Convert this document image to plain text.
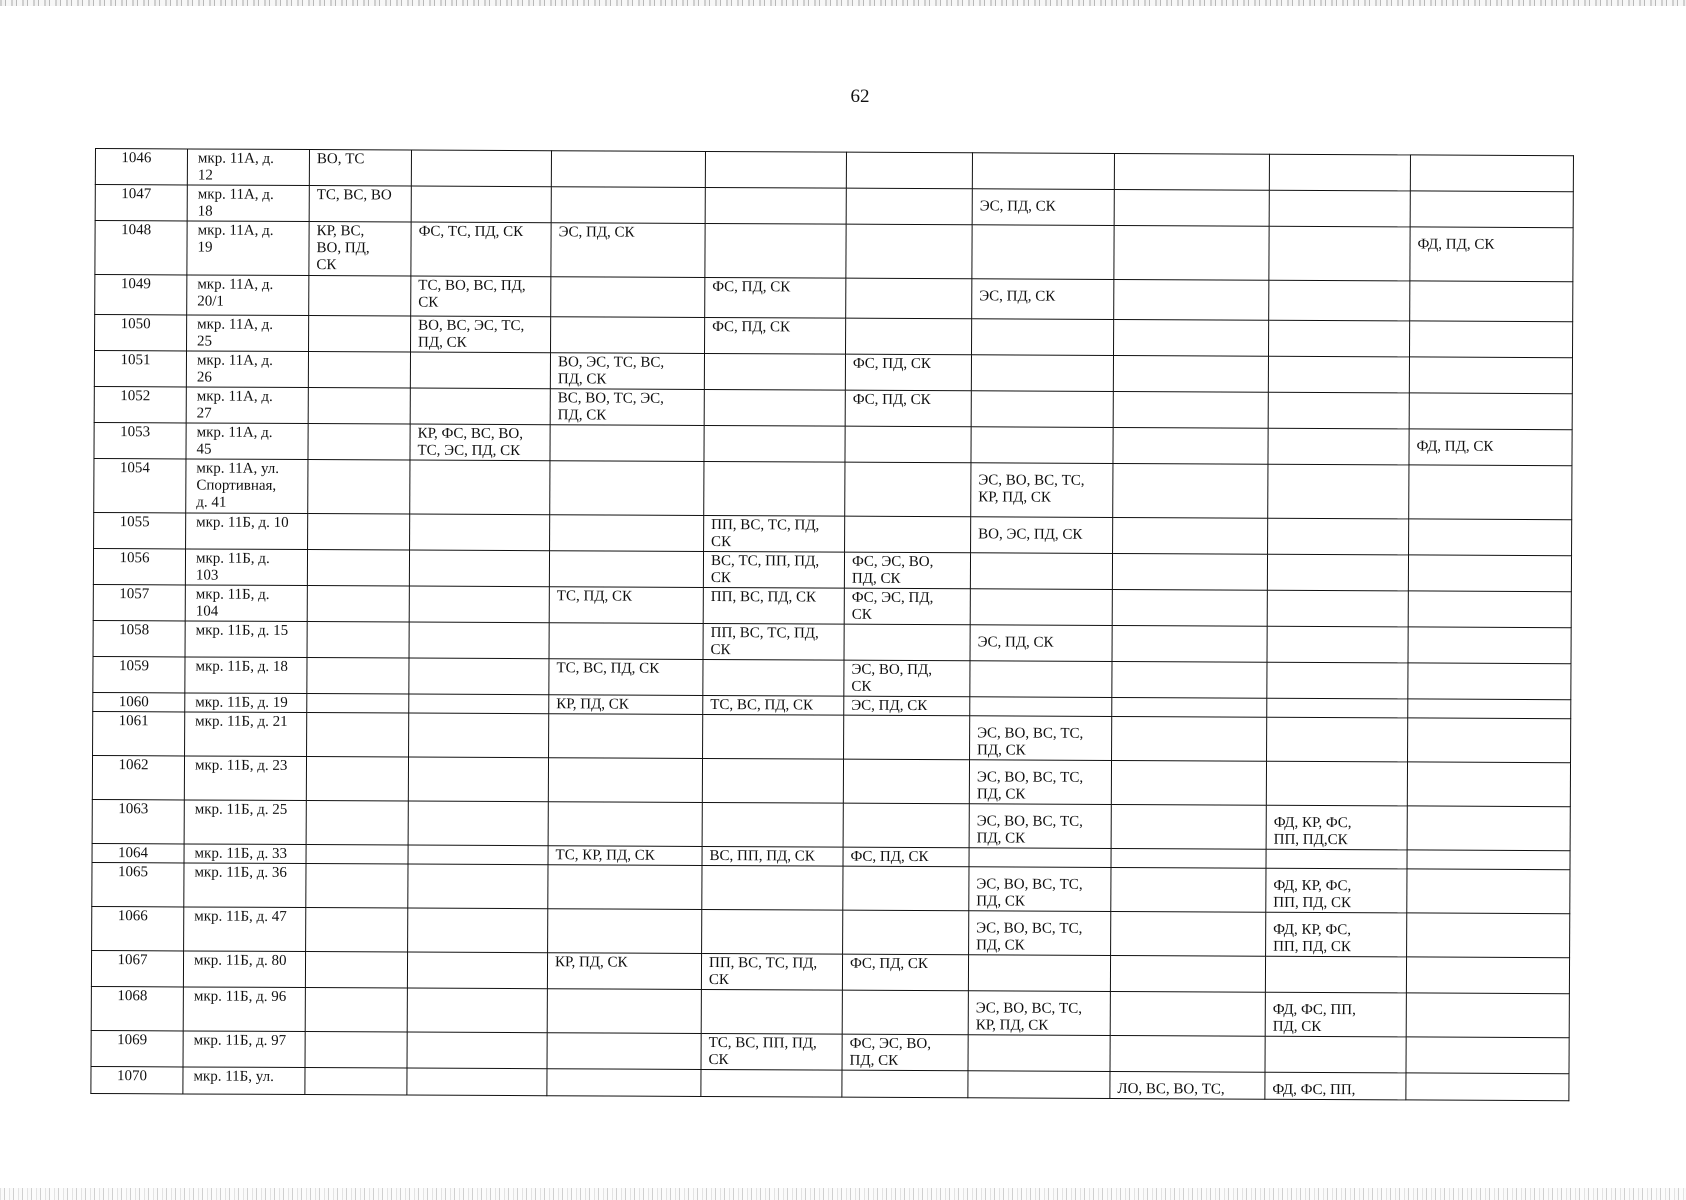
62
1046	мкр. 11А, д.
12	ВО, ТС								
1047	мкр. 11А, д.
18	ТС, ВС, ВО					ЭС, ПД, СК			
1048	мкр. 11А, д.
19	КР, ВС,
ВО, ПД,
СК	ФС, ТС, ПД, СК	ЭС, ПД, СК						ФД, ПД, СК
1049	мкр. 11А, д.
20/1		ТС, ВО, ВС, ПД,
СК		ФС, ПД, СК		ЭС, ПД, СК			
1050	мкр. 11А, д.
25		ВО, ВС, ЭС, ТС,
ПД, СК		ФС, ПД, СК					
1051	мкр. 11А, д.
26			ВО, ЭС, ТС, ВС,
ПД, СК		ФС, ПД, СК				
1052	мкр. 11А, д.
27			ВС, ВО, ТС, ЭС,
ПД, СК		ФС, ПД, СК				
1053	мкр. 11А, д.
45		КР, ФС, ВС, ВО,
ТС, ЭС, ПД, СК							ФД, ПД, СК
1054	мкр. 11А, ул.
Спортивная,
д. 41						ЭС, ВО, ВС, ТС,
КР, ПД, СК			
1055	мкр. 11Б, д. 10				ПП, ВС, ТС, ПД,
СК		ВО, ЭС, ПД, СК			
1056	мкр. 11Б, д.
103				ВС, ТС, ПП, ПД,
СК	ФС, ЭС, ВО,
ПД, СК				
1057	мкр. 11Б, д.
104			ТС, ПД, СК	ПП, ВС, ПД, СК	ФС, ЭС, ПД,
СК				
1058	мкр. 11Б, д. 15				ПП, ВС, ТС, ПД,
СК		ЭС, ПД, СК			
1059	мкр. 11Б, д. 18			ТС, ВС, ПД, СК		ЭС, ВО, ПД,
СК				
1060	мкр. 11Б, д. 19			КР, ПД, СК	ТС, ВС, ПД, СК	ЭС, ПД, СК				
1061	мкр. 11Б, д. 21						ЭС, ВО, ВС, ТС,
ПД, СК			
1062	мкр. 11Б, д. 23						ЭС, ВО, ВС, ТС,
ПД, СК			
1063	мкр. 11Б, д. 25						ЭС, ВО, ВС, ТС,
ПД, СК		ФД, КР, ФС,
ПП, ПД,СК	
1064	мкр. 11Б, д. 33			ТС, КР, ПД, СК	ВС, ПП, ПД, СК	ФС, ПД, СК				
1065	мкр. 11Б, д. 36						ЭС, ВО, ВС, ТС,
ПД, СК		ФД, КР, ФС,
ПП, ПД, СК	
1066	мкр. 11Б, д. 47						ЭС, ВО, ВС, ТС,
ПД, СК		ФД, КР, ФС,
ПП, ПД, СК	
1067	мкр. 11Б, д. 80			КР, ПД, СК	ПП, ВС, ТС, ПД,
СК	ФС, ПД, СК				
1068	мкр. 11Б, д. 96						ЭС, ВО, ВС, ТС,
КР, ПД, СК		ФД, ФС, ПП,
ПД, СК	
1069	мкр. 11Б, д. 97				ТС, ВС, ПП, ПД,
СК	ФС, ЭС, ВО,
ПД, СК				
1070	мкр. 11Б, ул.							ЛО, ВС, ВО, ТС,	ФД, ФС, ПП,	
